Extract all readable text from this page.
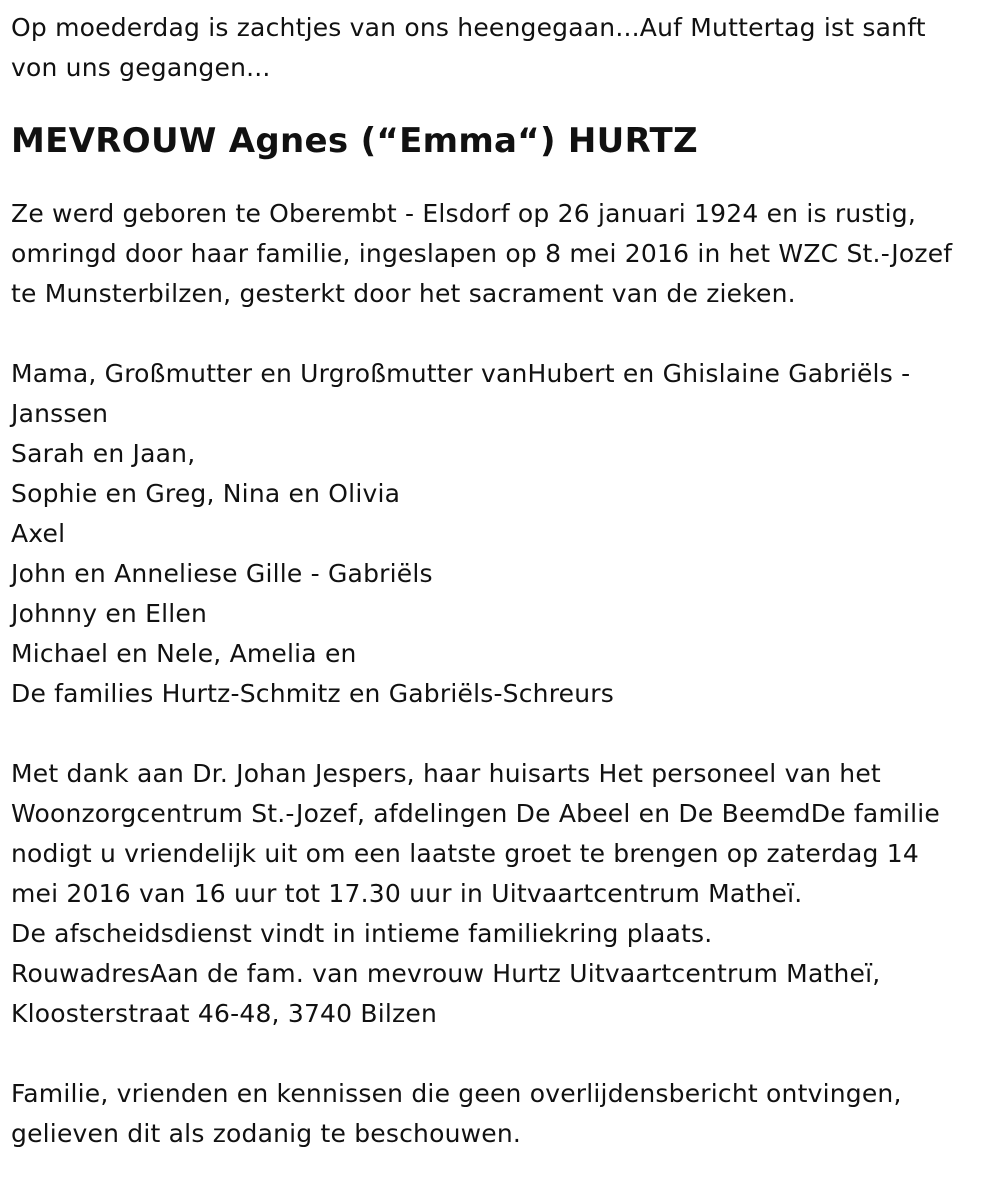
Op moederdag is zachtjes van ons heengegaan...Auf Muttertag ist sanft
von uns gegangen...
MEVROUW Agnes (“Emma“) HURTZ
Ze werd geboren te Oberembt - Elsdorf op 26 januari 1924 en is rustig,
omringd door haar familie, ingeslapen op 8 mei 2016 in het WZC St.-Jozef
te Munsterbilzen, gesterkt door het sacrament van de zieken.
Mama, Großmutter en Urgroßmutter vanHubert en Ghislaine Gabriëls -
Janssen
Sarah en Jaan,
Sophie en Greg, Nina en Olivia
Axel
John en Anneliese Gille - Gabriëls
Johnny en Ellen
Michael en Nele, Amelia en
De families Hurtz-Schmitz en Gabriëls-Schreurs
Met dank aan Dr. Johan Jespers, haar huisarts Het personeel van het
Woonzorgcentrum St.-Jozef, afdelingen De Abeel en De BeemdDe familie
nodigt u vriendelijk uit om een laatste groet te brengen op zaterdag 14
mei 2016 van 16 uur tot 17.30 uur in Uitvaartcentrum Matheï.
De afscheidsdienst vindt in intieme familiekring plaats.
RouwadresAan de fam. van mevrouw Hurtz Uitvaartcentrum Matheï,
Kloosterstraat 46-48, 3740 Bilzen
Familie, vrienden en kennissen die geen overlijdensbericht ontvingen,
gelieven dit als zodanig te beschouwen.
